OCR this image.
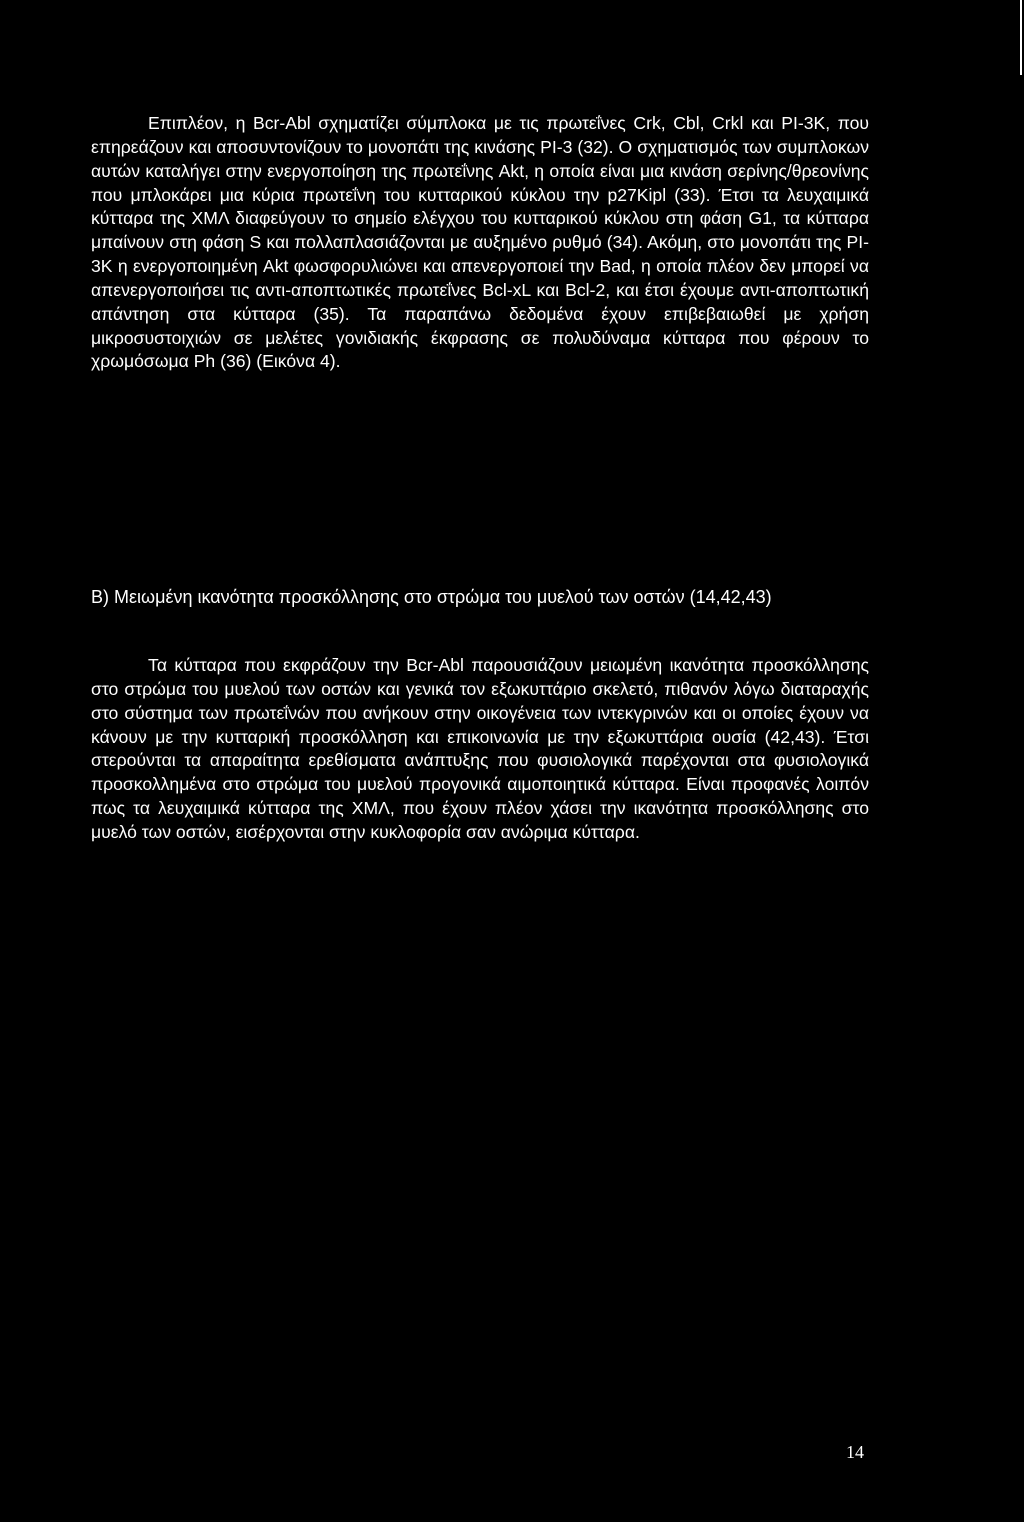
Επιπλέον, η Bcr-Abl σχηματίζει σύμπλοκα με τις πρωτεΐνες Crk, Cbl, Crkl και PI-3K, που επηρεάζουν και αποσυντονίζουν το μονοπάτι της κινάσης PI-3 (32). Ο σχηματισμός των συμπλοκων αυτών καταλήγει στην ενεργοποίηση της πρωτεΐνης Akt, η οποία είναι μια κινάση σερίνης/θρεονίνης που μπλοκάρει μια κύρια πρωτεΐνη του κυτταρικού κύκλου την p27Kipl (33). Έτσι τα λευχαιμικά κύτταρα της ΧΜΛ διαφεύγουν το σημείο ελέγχου του κυτταρικού κύκλου στη φάση G1, τα κύτταρα μπαίνουν στη φάση S και πολλαπλασιάζονται με αυξημένο ρυθμό (34). Ακόμη, στο μονοπάτι της PI-3K η ενεργοποιημένη Akt φωσφορυλιώνει και απενεργοποιεί την Bad, η οποία πλέον δεν μπορεί να απενεργοποιήσει τις αντι-αποπτωτικές πρωτεΐνες Bcl-xL και Bcl-2, και έτσι έχουμε αντι-αποπτωτική απάντηση στα κύτταρα (35). Τα παραπάνω δεδομένα έχουν επιβεβαιωθεί με χρήση μικροσυστοιχιών σε μελέτες γονιδιακής έκφρασης σε πολυδύναμα κύτταρα που φέρουν το χρωμόσωμα Ph (36) (Εικόνα 4).

Β) Μειωμένη ικανότητα προσκόλλησης στο στρώμα του μυελού των οστών (14,42,43)

Τα κύτταρα που εκφράζουν την Bcr-Abl παρουσιάζουν μειωμένη ικανότητα προσκόλλησης στο στρώμα του μυελού των οστών και γενικά τον εξωκυττάριο σκελετό, πιθανόν λόγω διαταραχής στο σύστημα των πρωτεΐνών που ανήκουν στην οικογένεια των ιντεκγρινών και οι οποίες έχουν να κάνουν με την κυτταρική προσκόλληση και επικοινωνία με την εξωκυττάρια ουσία (42,43). Έτσι στερούνται τα απαραίτητα ερεθίσματα ανάπτυξης που φυσιολογικά παρέχονται στα φυσιολογικά προσκολλημένα στο στρώμα του μυελού προγονικά αιμοποιητικά κύτταρα. Είναι προφανές λοιπόν πως τα λευχαιμικά κύτταρα της ΧΜΛ, που έχουν πλέον χάσει την ικανότητα προσκόλλησης στο μυελό των οστών, εισέρχονται στην κυκλοφορία σαν ανώριμα κύτταρα.

14
